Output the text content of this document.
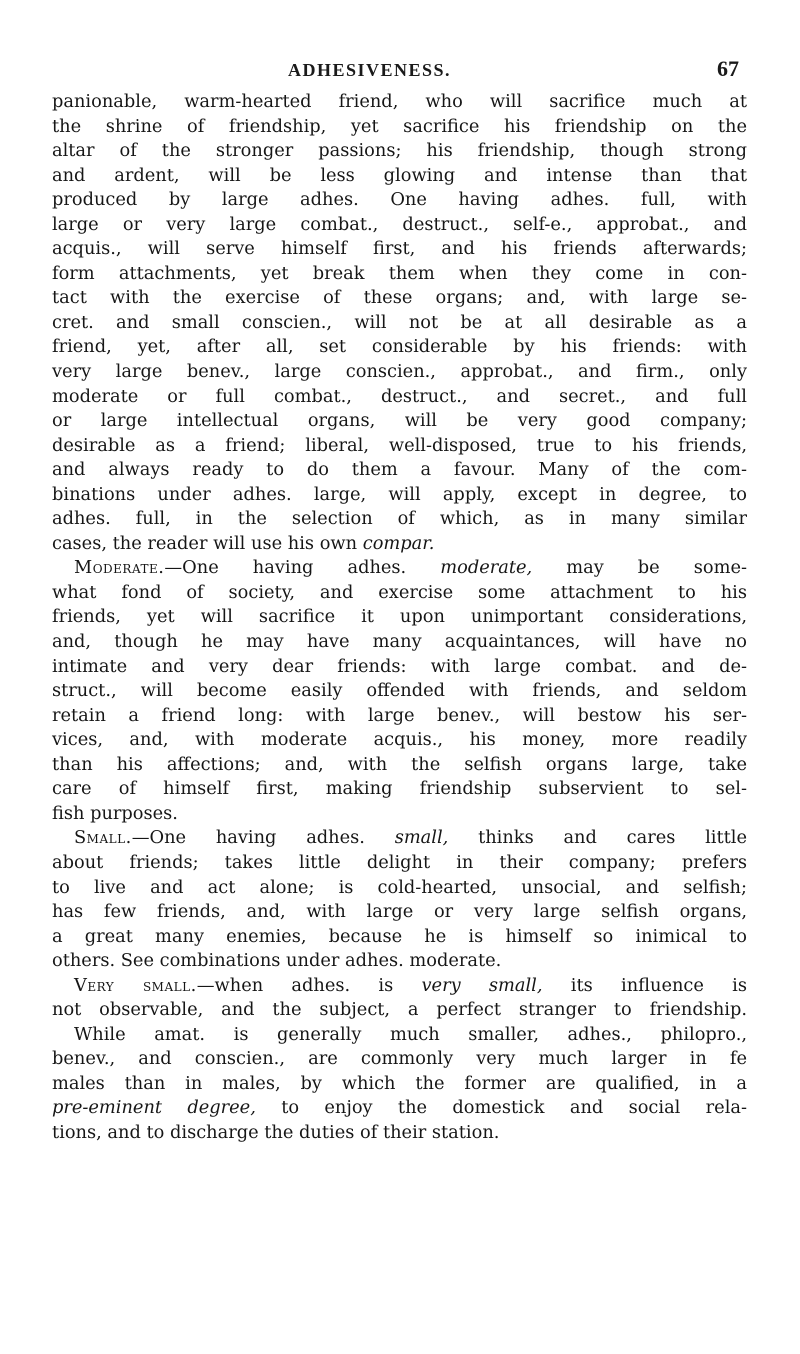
ADHESIVENESS.	67
panionable, warm-hearted friend, who will sacrifice much at
the shrine of friendship, yet sacrifice his friendship on the
altar of the stronger passions; his friendship, though strong
and ardent, will be less glowing and intense than that
produced by large adhes. One having adhes. full, with
large or very large combat., destruct., self-e., approbat., and
acquis., will serve himself first, and his friends afterwards;
form attachments, yet break them when they come in con-
tact with the exercise of these organs; and, with large se-
cret. and small conscien., will not be at all desirable as a
friend, yet, after all, set considerable by his friends: with
very large benev., large conscien., approbat., and firm., only
moderate or full combat., destruct., and secret., and full
or large intellectual organs, will be very good company;
desirable as a friend; liberal, well-disposed, true to his friends,
and always ready to do them a favour. Many of the com-
binations under adhes. large, will apply, except in degree, to
adhes. full, in the selection of which, as in many similar
cases, the reader will use his own compar.
Moderate.—One having adhes. moderate, may be some-
what fond of society, and exercise some attachment to his
friends, yet will sacrifice it upon unimportant considerations,
and, though he may have many acquaintances, will have no
intimate and very dear friends: with large combat. and de-
struct., will become easily offended with friends, and seldom
retain a friend long: with large benev., will bestow his ser-
vices, and, with moderate acquis., his money, more readily
than his affections; and, with the selfish organs large, take
care of himself first, making friendship subservient to sel-
fish purposes.
Small.—One having adhes. small, thinks and cares little
about friends; takes little delight in their company; prefers
to live and act alone; is cold-hearted, unsocial, and selfish;
has few friends, and, with large or very large selfish organs,
a great many enemies, because he is himself so inimical to
others. See combinations under adhes. moderate.
Very small.—when adhes. is very small, its influence is
not observable, and the subject, a perfect stranger to friendship.
While amat. is generally much smaller, adhes., philopro.,
benev., and conscien., are commonly very much larger in fe
males than in males, by which the former are qualified, in a
pre-eminent degree, to enjoy the domestick and social rela-
tions, and to discharge the duties of their station.
